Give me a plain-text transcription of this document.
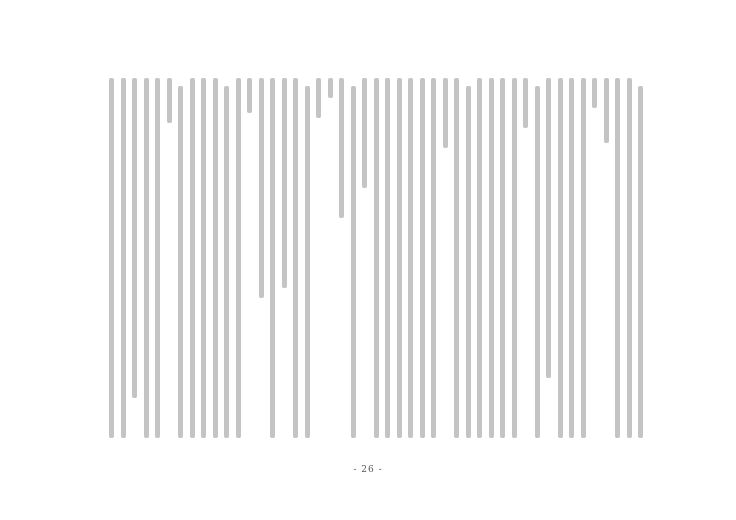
- 26 -
